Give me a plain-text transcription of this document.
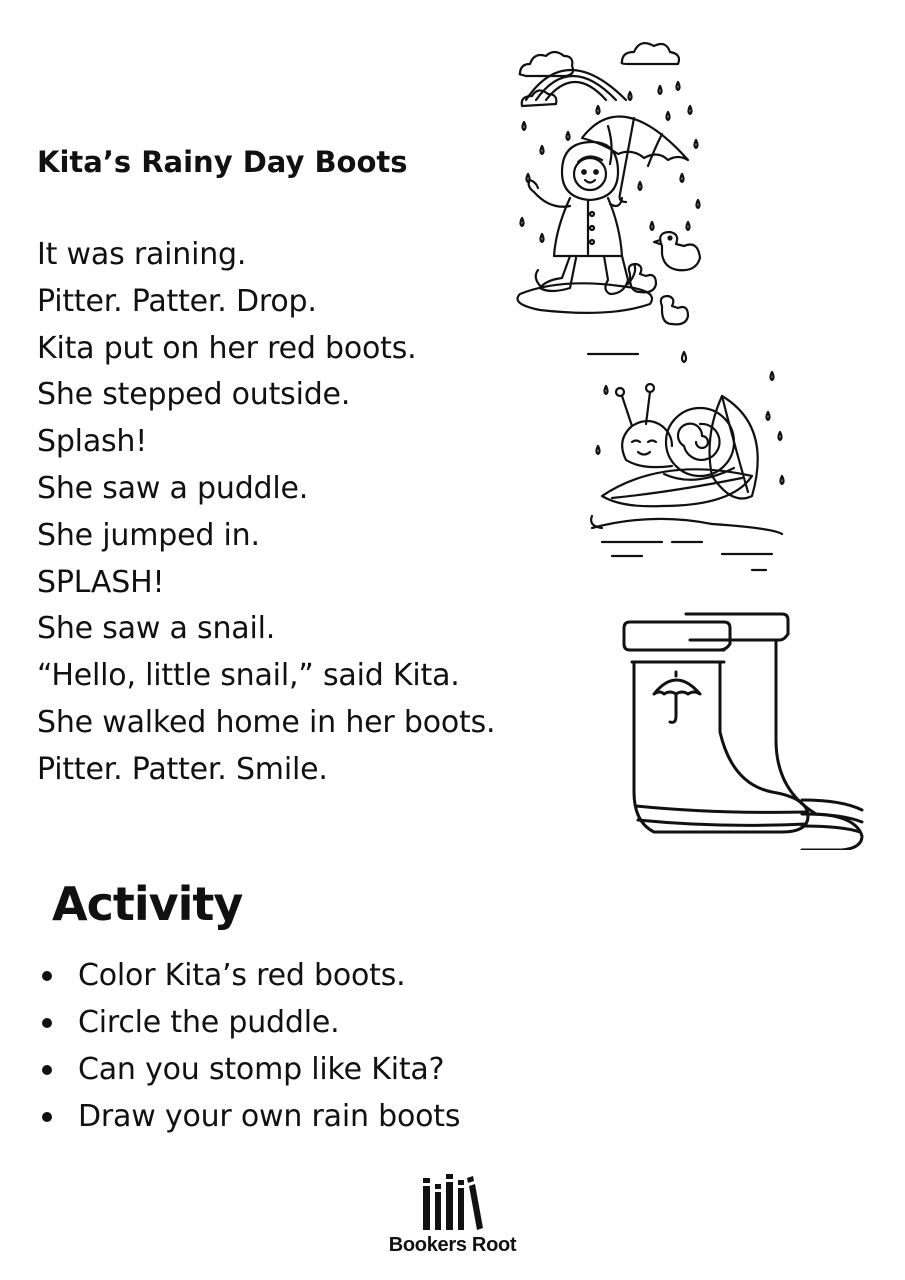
Kita’s Rainy Day Boots
It was raining.
Pitter. Patter. Drop.
Kita put on her red boots.
She stepped outside.
Splash!
She saw a puddle.
She jumped in.
SPLASH!
She saw a snail.
“Hello, little snail,” said Kita.
She walked home in her boots.
Pitter. Patter. Smile.
Activity
Color Kita’s red boots.
Circle the puddle.
Can you stomp like Kita?
Draw your own rain boots
Bookers Root
